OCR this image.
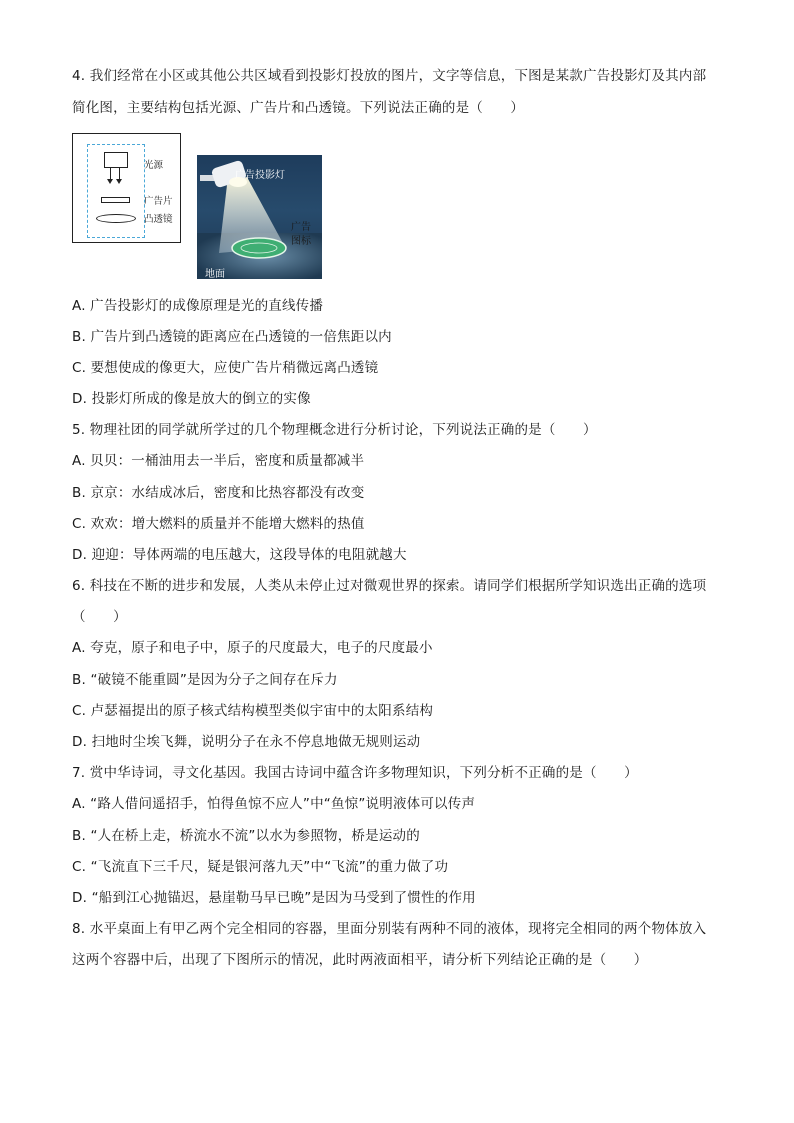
4. 我们经常在小区或其他公共区域看到投影灯投放的图片，文字等信息，下图是某款广告投影灯及其内部
简化图，主要结构包括光源、广告片和凸透镜。下列说法正确的是（　　）
光源
广告片
凸透镜
广告投影灯
广告
图标
地面
A. 广告投影灯的成像原理是光的直线传播
B. 广告片到凸透镜的距离应在凸透镜的一倍焦距以内
C. 要想使成的像更大，应使广告片稍微远离凸透镜
D. 投影灯所成的像是放大的倒立的实像
5. 物理社团的同学就所学过的几个物理概念进行分析讨论，下列说法正确的是（　　）
A. 贝贝：一桶油用去一半后，密度和质量都减半
B. 京京：水结成冰后，密度和比热容都没有改变
C. 欢欢：增大燃料的质量并不能增大燃料的热值
D. 迎迎：导体两端的电压越大，这段导体的电阻就越大
6. 科技在不断的进步和发展，人类从未停止过对微观世界的探索。请同学们根据所学知识选出正确的选项
（　　）
A. 夸克，原子和电子中，原子的尺度最大，电子的尺度最小
B. “破镜不能重圆”是因为分子之间存在斥力
C. 卢瑟福提出的原子核式结构模型类似宇宙中的太阳系结构
D. 扫地时尘埃飞舞，说明分子在永不停息地做无规则运动
7. 赏中华诗词，寻文化基因。我国古诗词中蕴含许多物理知识，下列分析不正确的是（　　）
A. “路人借问遥招手，怕得鱼惊不应人”中“鱼惊”说明液体可以传声
B. “人在桥上走，桥流水不流”以水为参照物，桥是运动的
C. “飞流直下三千尺，疑是银河落九天”中“飞流”的重力做了功
D. “船到江心抛锚迟，悬崖勒马早已晚”是因为马受到了惯性的作用
8. 水平桌面上有甲乙两个完全相同的容器，里面分别装有两种不同的液体，现将完全相同的两个物体放入
这两个容器中后，出现了下图所示的情况，此时两液面相平，请分析下列结论正确的是（　　）
